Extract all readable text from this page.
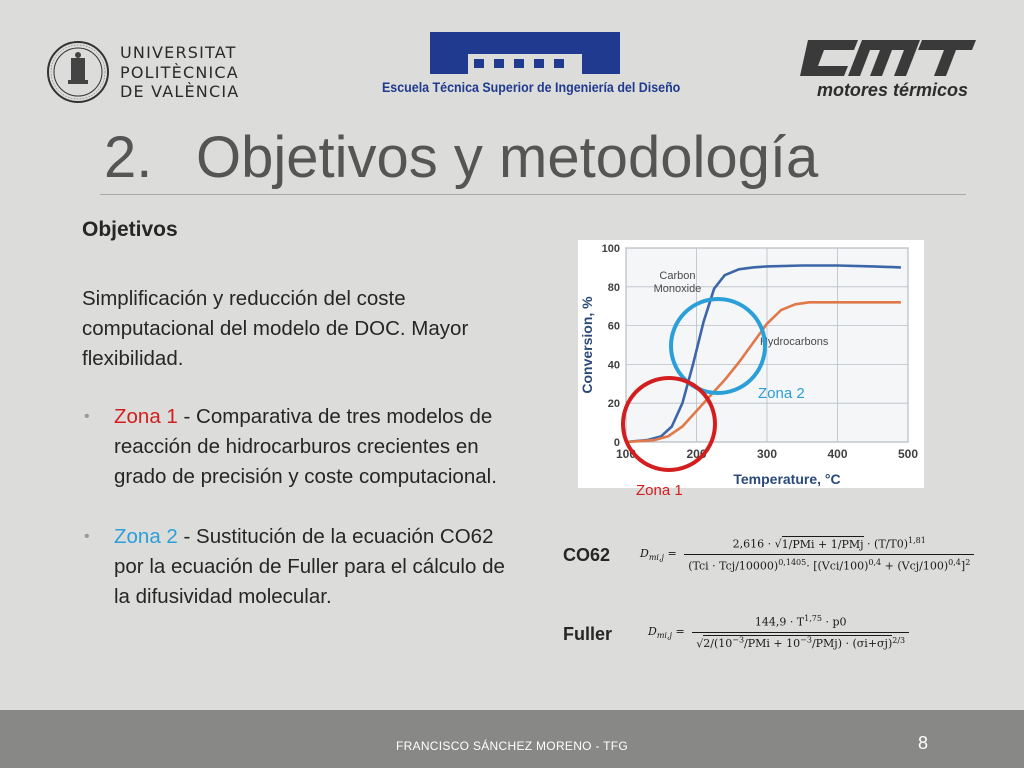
UNIVERSITAT
POLITÈCNICA
DE VALÈNCIA	Escuela Técnica Superior de Ingeniería del Diseño	motores térmicos
2. Objetivos y metodología
Objetivos
Simplificación y reducción del coste computacional del modelo de DOC. Mayor flexibilidad.
• Zona 1 - Comparativa de tres modelos de reacción de hidrocarburos crecientes en grado de precisión y coste computacional.
• Zona 2 - Sustitución de la ecuación CO62 por la ecuación de Fuller para el cálculo de la difusividad molecular.
0
20
40
60
80
100
100	200	300	400	500
Carbon
Monoxide
Hydrocarbons
Temperature, °C
Conversion, %	Zona 2
Zona 1
CO62	$D_{mi,j} = \frac{2,616 \cdot √1/PMi + 1/PMj \cdot (T/T0)^{1,81}}{(Tci \cdot Tcj/10000)^{0,1405}\cdot [(Vci/100)^{0,4} + (Vcj/100)^{0,4}]^2}$
Fuller	$D_{mi,j} = \frac{144,9 \cdot T^{1,75} \cdot p0}{√2/(10^{-3}/PMi + 10^{-3}/PMj) \cdot (\sigma i+\sigma j)^{2/3}}$
FRANCISCO SÁNCHEZ MORENO - TFG	8
